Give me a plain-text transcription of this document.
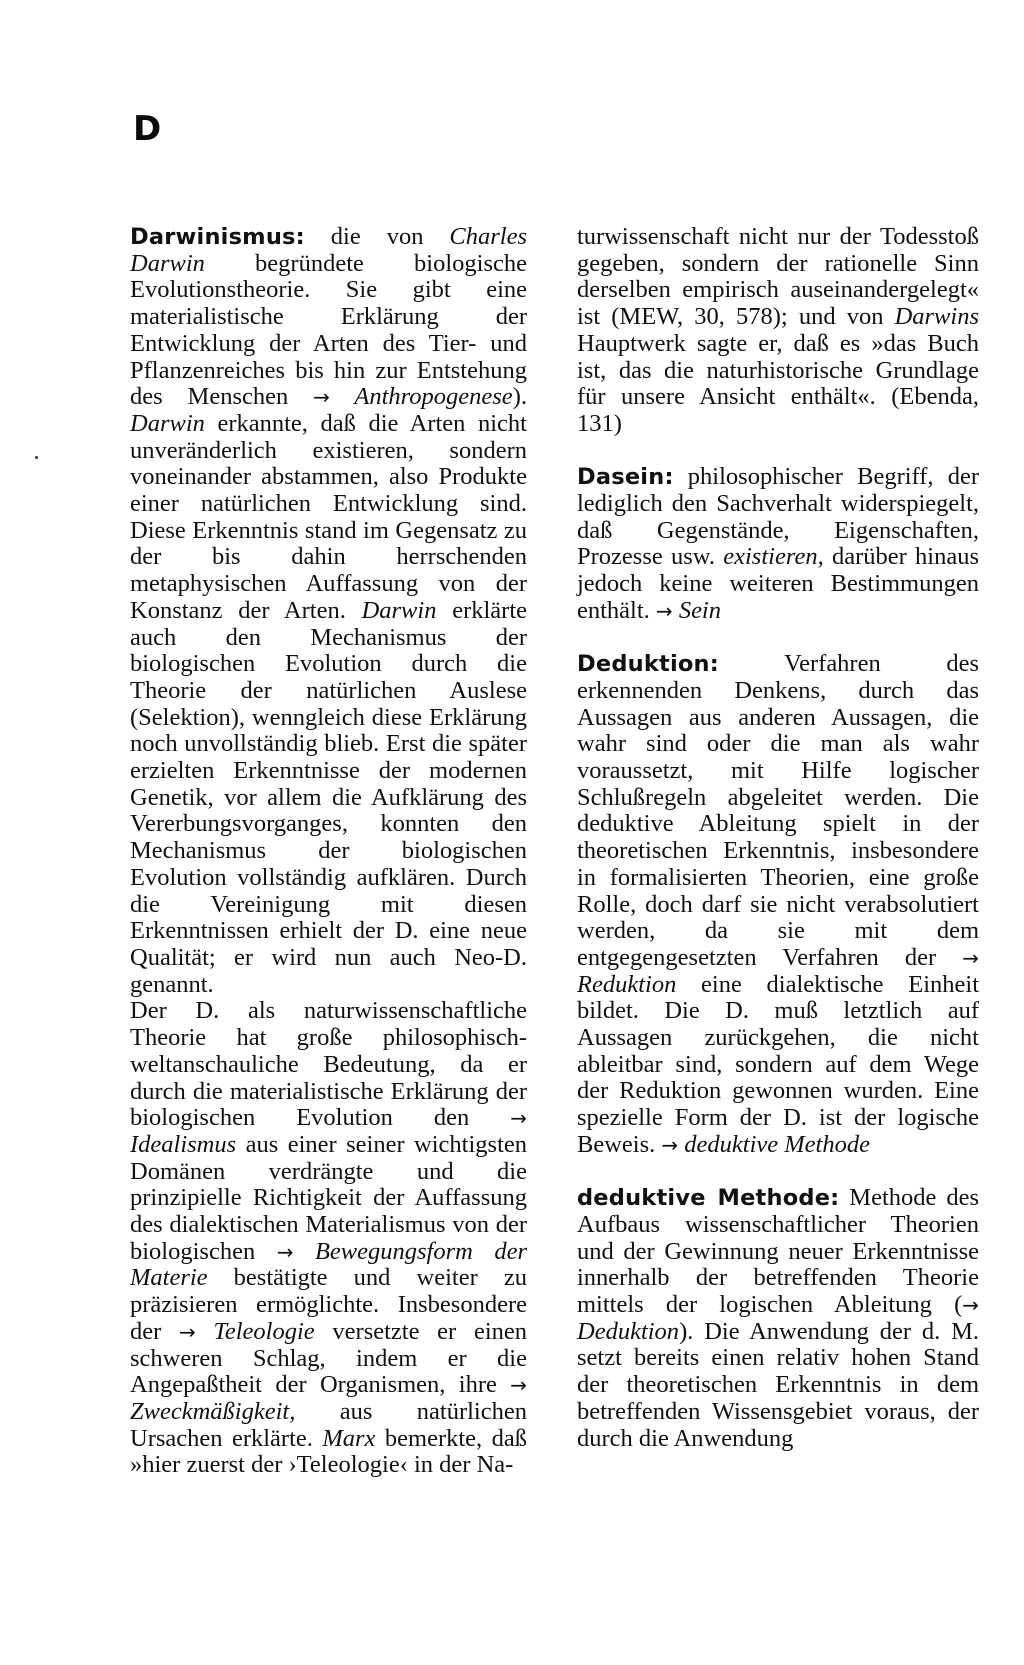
D

Darwinismus: die von Charles Darwin begründete biologische Evolutionstheorie. Sie gibt eine materialistische Erklärung der Entwicklung der Arten des Tier- und Pflanzenreiches bis hin zur Entstehung des Menschen → Anthropogenese). Darwin erkannte, daß die Arten nicht unveränderlich existieren, sondern voneinander abstammen, also Produkte einer natürlichen Entwicklung sind. Diese Erkenntnis stand im Gegensatz zu der bis dahin herrschenden metaphysischen Auffassung von der Konstanz der Arten. Darwin erklärte auch den Mechanismus der biologischen Evolution durch die Theorie der natürlichen Auslese (Selektion), wenngleich diese Erklärung noch unvollständig blieb. Erst die später erzielten Erkenntnisse der modernen Genetik, vor allem die Aufklärung des Vererbungsvorganges, konnten den Mechanismus der biologischen Evolution vollständig aufklären. Durch die Vereinigung mit diesen Erkenntnissen erhielt der D. eine neue Qualität; er wird nun auch Neo-D. genannt.

Der D. als naturwissenschaftliche Theorie hat große philosophisch-weltanschauliche Bedeutung, da er durch die materialistische Erklärung der biologischen Evolution den → Idealismus aus einer seiner wichtigsten Domänen verdrängte und die prinzipielle Richtigkeit der Auffassung des dialektischen Materialismus von der biologischen → Bewegungsform der Materie bestätigte und weiter zu präzisieren ermöglichte. Insbesondere der → Teleologie versetzte er einen schweren Schlag, indem er die Angepaßtheit der Organismen, ihre → Zweckmäßigkeit, aus natürlichen Ursachen erklärte. Marx bemerkte, daß »hier zuerst der ›Teleologie‹ in der Na-

turwissenschaft nicht nur der Todesstoß gegeben, sondern der rationelle Sinn derselben empirisch auseinandergelegt« ist (MEW, 30, 578); und von Darwins Hauptwerk sagte er, daß es »das Buch ist, das die naturhistorische Grundlage für unsere Ansicht enthält«. (Ebenda, 131)

Dasein: philosophischer Begriff, der lediglich den Sachverhalt widerspiegelt, daß Gegenstände, Eigenschaften, Prozesse usw. existieren, darüber hinaus jedoch keine weiteren Bestimmungen enthält. → Sein

Deduktion: Verfahren des erkennenden Denkens, durch das Aussagen aus anderen Aussagen, die wahr sind oder die man als wahr voraussetzt, mit Hilfe logischer Schlußregeln abgeleitet werden. Die deduktive Ableitung spielt in der theoretischen Erkenntnis, insbesondere in formalisierten Theorien, eine große Rolle, doch darf sie nicht verabsolutiert werden, da sie mit dem entgegengesetzten Verfahren der → Reduktion eine dialektische Einheit bildet. Die D. muß letztlich auf Aussagen zurückgehen, die nicht ableitbar sind, sondern auf dem Wege der Reduktion gewonnen wurden. Eine spezielle Form der D. ist der logische Beweis. → deduktive Methode

deduktive Methode: Methode des Aufbaus wissenschaftlicher Theorien und der Gewinnung neuer Erkenntnisse innerhalb der betreffenden Theorie mittels der logischen Ableitung (→ Deduktion). Die Anwendung der d. M. setzt bereits einen relativ hohen Stand der theoretischen Erkenntnis in dem betreffenden Wissensgebiet voraus, der durch die Anwendung
